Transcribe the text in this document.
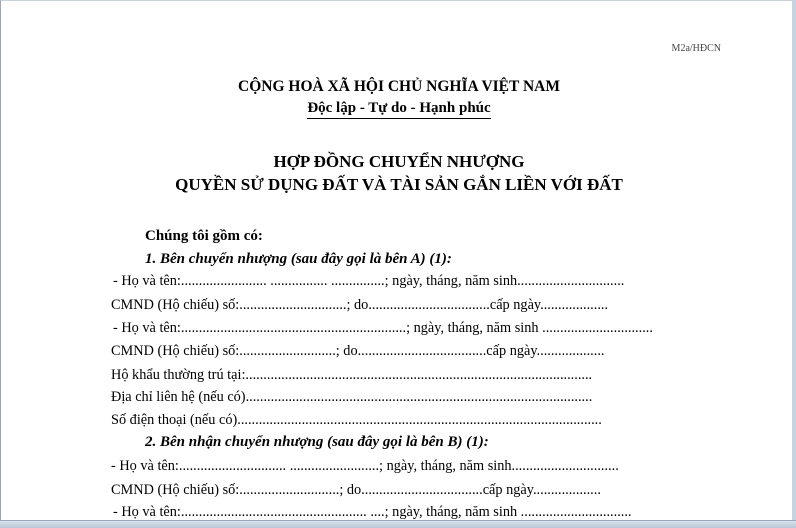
M2a/HĐCN
CỘNG HOÀ XÃ HỘI CHỦ NGHĨA VIỆT NAM
Độc lập - Tự do - Hạnh phúc
HỢP ĐỒNG CHUYỂN NHƯỢNG
QUYỀN SỬ DỤNG ĐẤT VÀ TÀI SẢN GẮN LIỀN VỚI ĐẤT
Chúng tôi gồm có:
1. Bên chuyển nhượng (sau đây gọi là bên A) (1):
- Họ và tên:........................ ................ ...............; ngày, tháng, năm sinh..............................
CMND (Hộ chiếu) số:..............................; do..................................cấp ngày...................
- Họ và tên:...............................................................; ngày, tháng, năm sinh ...............................
CMND (Hộ chiếu) số:...........................; do....................................cấp ngày...................
Hộ khẩu thường trú tại:.................................................................................................
Địa chỉ liên hệ (nếu có).................................................................................................
Số điện thoại (nếu có)......................................................................................................
2. Bên nhận chuyển nhượng (sau đây gọi là bên B) (1):
- Họ và tên:.............................. .........................; ngày, tháng, năm sinh..............................
CMND (Hộ chiếu) số:............................; do..................................cấp ngày...................
- Họ và tên:.................................................... ....; ngày, tháng, năm sinh ...............................
